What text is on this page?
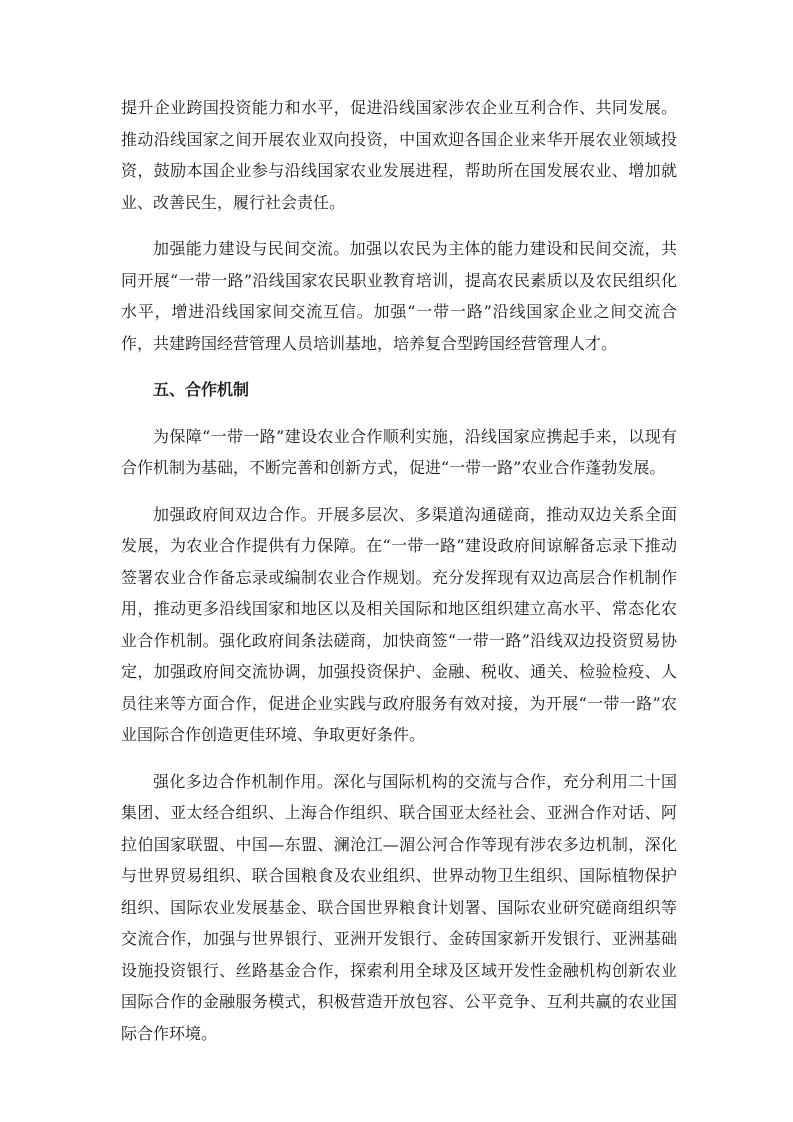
提升企业跨国投资能力和水平，促进沿线国家涉农企业互利合作、共同发展。推动沿线国家之间开展农业双向投资，中国欢迎各国企业来华开展农业领域投资，鼓励本国企业参与沿线国家农业发展进程，帮助所在国发展农业、增加就业、改善民生，履行社会责任。

加强能力建设与民间交流。加强以农民为主体的能力建设和民间交流，共同开展“一带一路”沿线国家农民职业教育培训，提高农民素质以及农民组织化水平，增进沿线国家间交流互信。加强“一带一路”沿线国家企业之间交流合作，共建跨国经营管理人员培训基地，培养复合型跨国经营管理人才。

五、合作机制

为保障“一带一路”建设农业合作顺利实施，沿线国家应携起手来，以现有合作机制为基础，不断完善和创新方式，促进“一带一路”农业合作蓬勃发展。

加强政府间双边合作。开展多层次、多渠道沟通磋商，推动双边关系全面发展，为农业合作提供有力保障。在“一带一路”建设政府间谅解备忘录下推动签署农业合作备忘录或编制农业合作规划。充分发挥现有双边高层合作机制作用，推动更多沿线国家和地区以及相关国际和地区组织建立高水平、常态化农业合作机制。强化政府间条法磋商，加快商签“一带一路”沿线双边投资贸易协定，加强政府间交流协调，加强投资保护、金融、税收、通关、检验检疫、人员往来等方面合作，促进企业实践与政府服务有效对接，为开展“一带一路”农业国际合作创造更佳环境、争取更好条件。

强化多边合作机制作用。深化与国际机构的交流与合作，充分利用二十国集团、亚太经合组织、上海合作组织、联合国亚太经社会、亚洲合作对话、阿拉伯国家联盟、中国—东盟、澜沧江—湄公河合作等现有涉农多边机制，深化与世界贸易组织、联合国粮食及农业组织、世界动物卫生组织、国际植物保护组织、国际农业发展基金、联合国世界粮食计划署、国际农业研究磋商组织等交流合作，加强与世界银行、亚洲开发银行、金砖国家新开发银行、亚洲基础设施投资银行、丝路基金合作，探索利用全球及区域开发性金融机构创新农业国际合作的金融服务模式，积极营造开放包容、公平竞争、互利共赢的农业国际合作环境。
